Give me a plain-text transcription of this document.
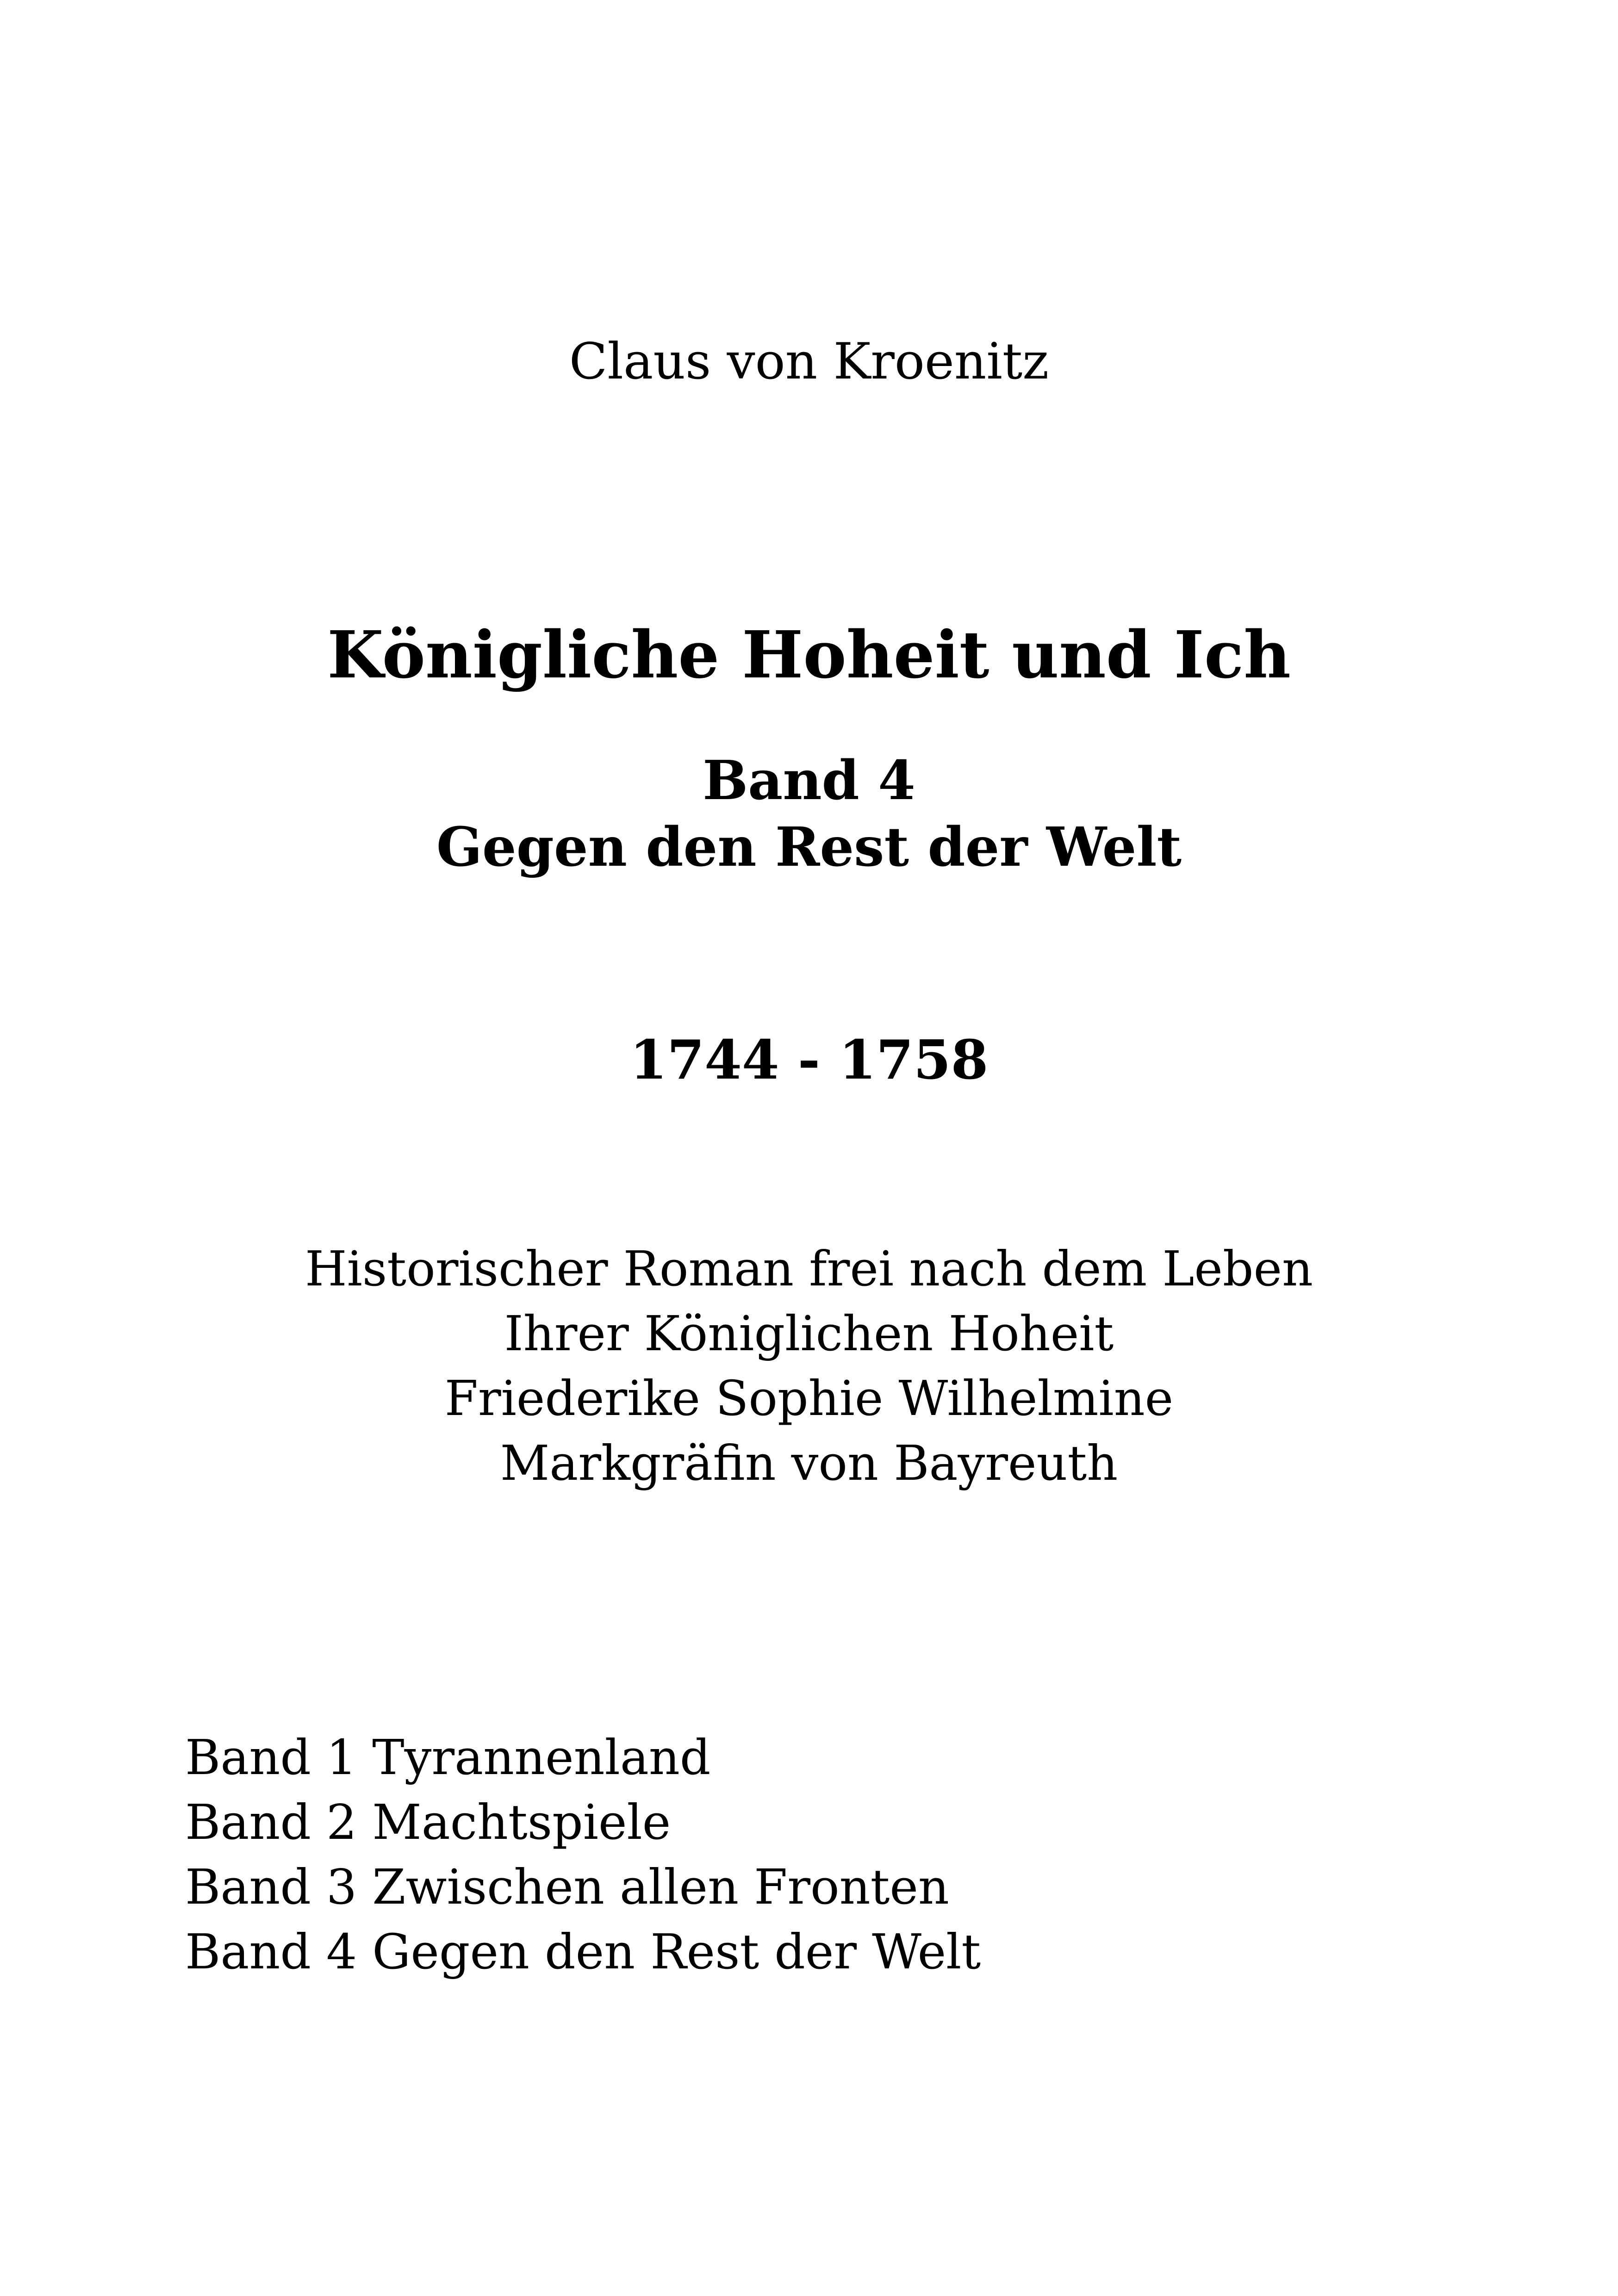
Claus von Kroenitz
Königliche Hoheit und Ich
Band 4
Gegen den Rest der Welt
1744 - 1758
Historischer Roman frei nach dem Leben
Ihrer Königlichen Hoheit
Friederike Sophie Wilhelmine
Markgräfin von Bayreuth
Band 1 Tyrannenland
Band 2 Machtspiele
Band 3 Zwischen allen Fronten
Band 4 Gegen den Rest der Welt
